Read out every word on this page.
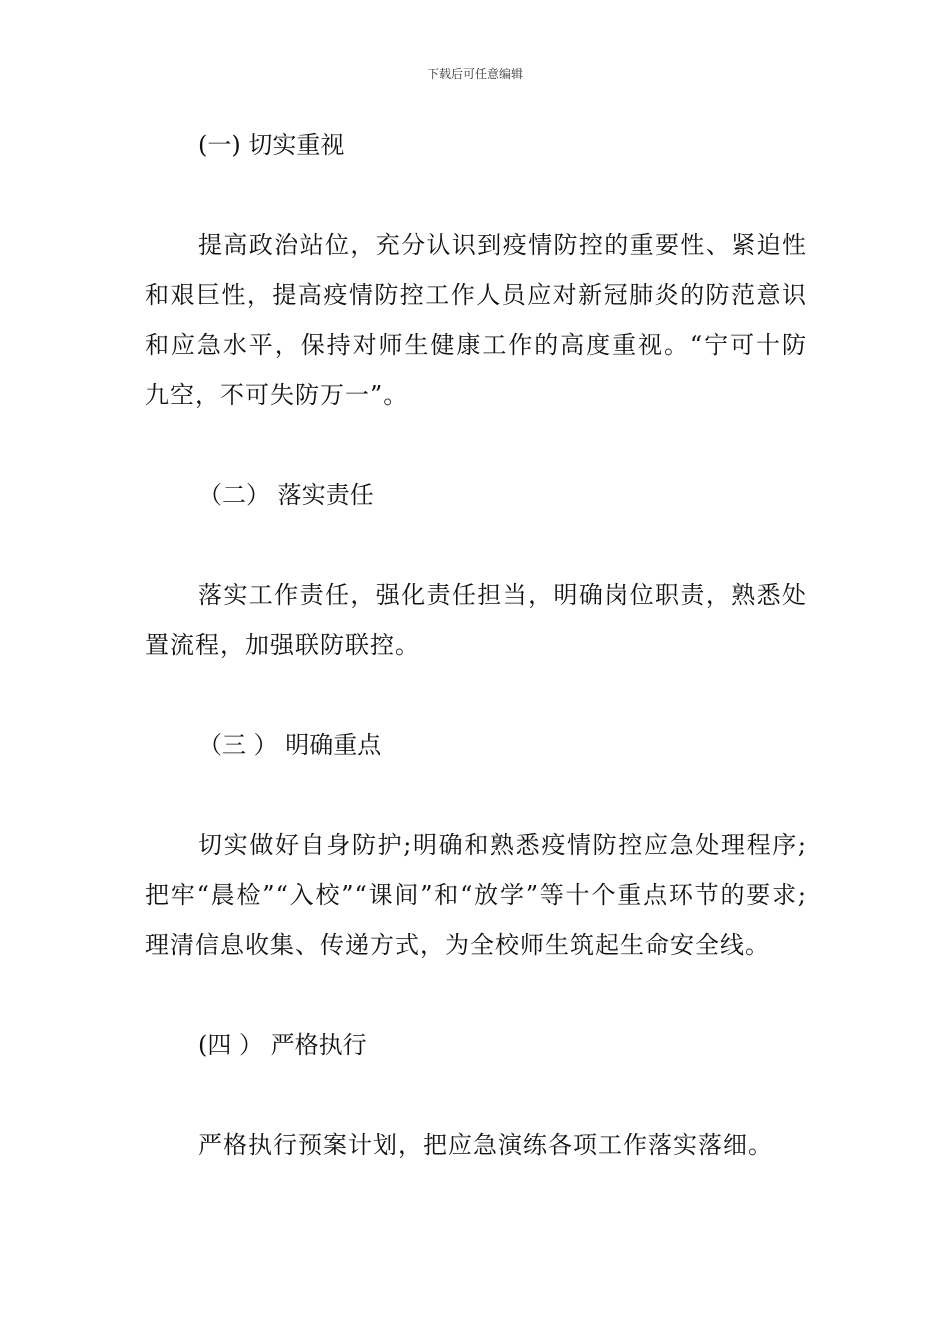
下载后可任意编辑
(一) 切实重视

提高政治站位，充分认识到疫情防控的重要性、紧迫性和艰巨性，提高疫情防控工作人员应对新冠肺炎的防范意识和应急水平，保持对师生健康工作的高度重视。“宁可十防九空，不可失防万一”。

（二） 落实责任

落实工作责任，强化责任担当，明确岗位职责，熟悉处置流程，加强联防联控。

（三 ） 明确重点

切实做好自身防护;明确和熟悉疫情防控应急处理程序;把牢“晨检”“入校”“课间”和“放学”等十个重点环节的要求;理清信息收集、传递方式，为全校师生筑起生命安全线。

(四 ） 严格执行

严格执行预案计划，把应急演练各项工作落实落细。
